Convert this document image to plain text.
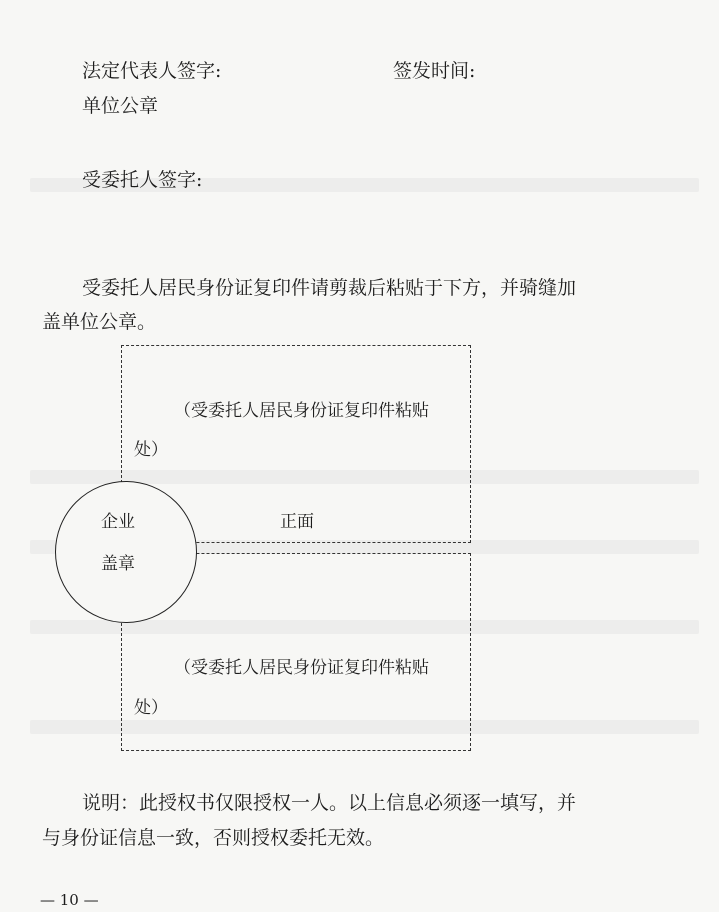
法定代表人签字:	签发时间:
单位公章
受委托人签字:
受委托人居民身份证复印件请剪裁后粘贴于下方，并骑缝加
盖单位公章。
（受委托人居民身份证复印件粘贴
处）
正面
（受委托人居民身份证复印件粘贴
处）
企业
盖章
说明：此授权书仅限授权一人。以上信息必须逐一填写，并
与身份证信息一致，否则授权委托无效。
— 10 —
